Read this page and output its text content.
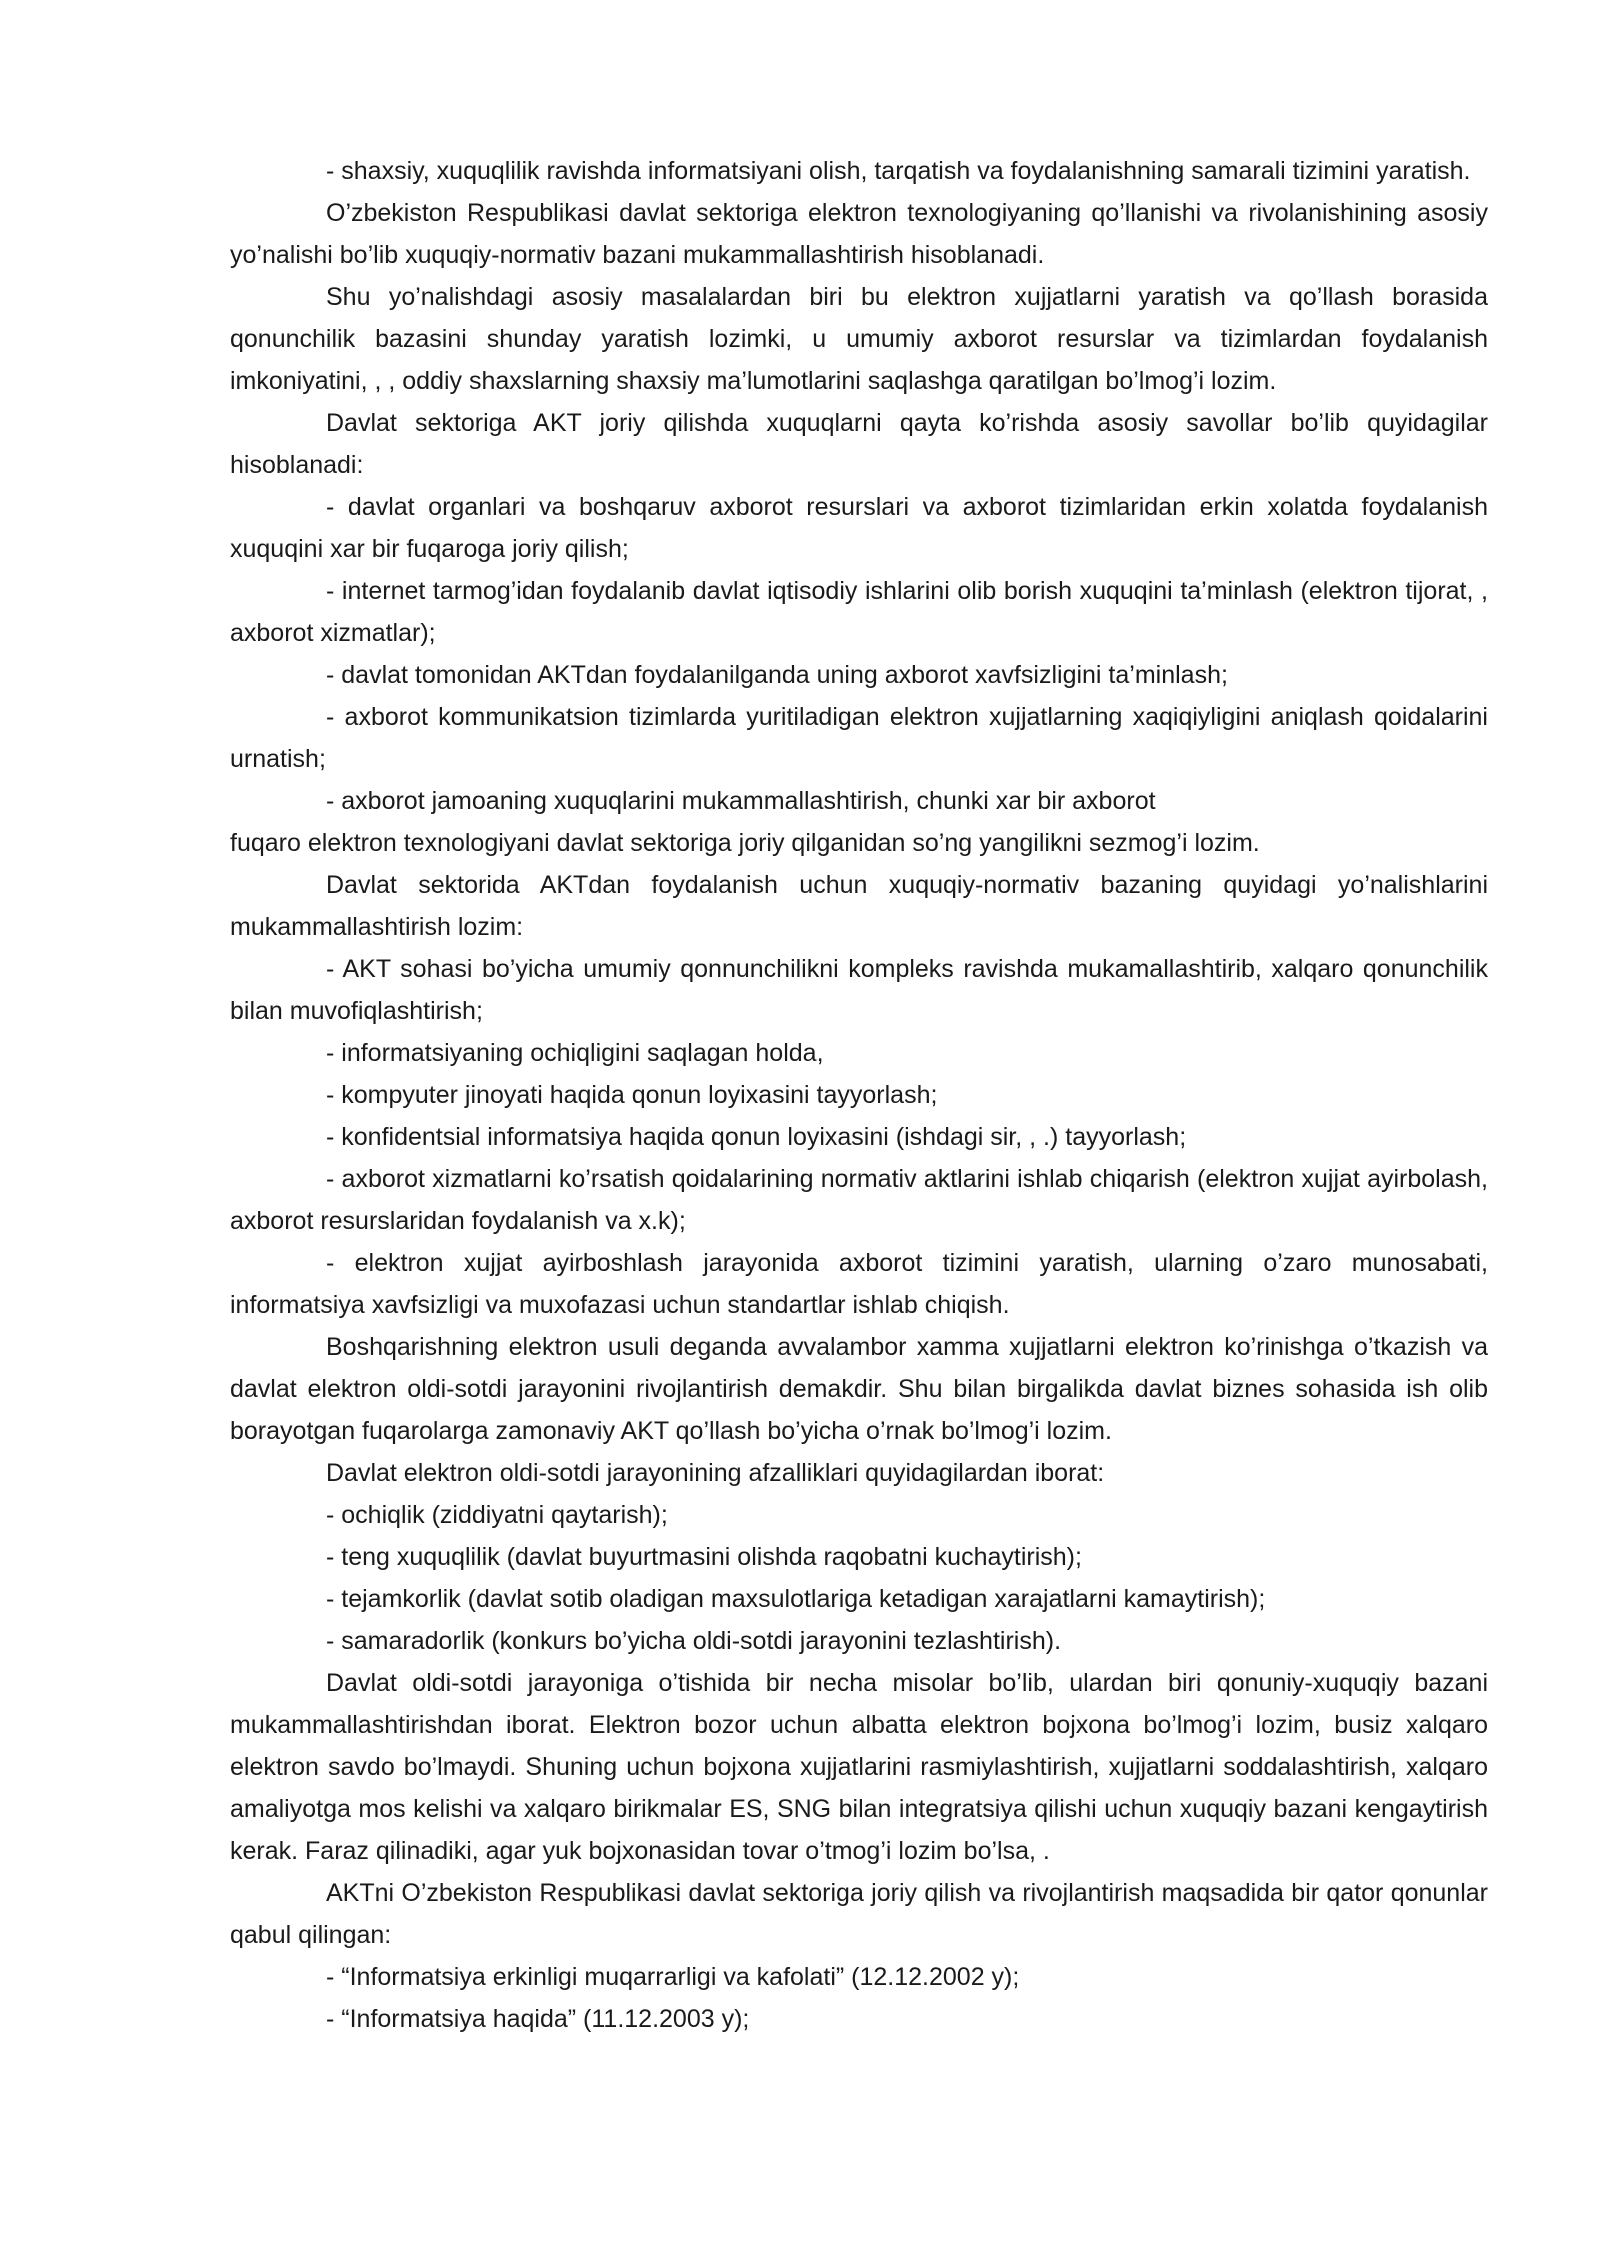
- shaxsiy, xuquqlilik ravishda informatsiyani olish, tarqatish va foydalanishning samarali tizimini yaratish.

O’zbekiston Respublikasi davlat sektoriga elektron texnologiyaning qo’llanishi va rivolanishining asosiy yo’nalishi bo’lib xuquqiy-normativ bazani mukammallashtirish hisoblanadi.

Shu yo’nalishdagi asosiy masalalardan biri bu elektron xujjatlarni yaratish va qo’llash borasida qonunchilik bazasini shunday yaratish lozimki, u umumiy axborot resurslar va tizimlardan foydalanish imkoniyatini, , , oddiy shaxslarning shaxsiy ma’lumotlarini saqlashga qaratilgan bo’lmog’i lozim.

Davlat sektoriga AKT joriy qilishda xuquqlarni qayta ko’rishda asosiy savollar bo’lib quyidagilar hisoblanadi:

- davlat organlari va boshqaruv axborot resurslari va axborot tizimlaridan erkin xolatda foydalanish xuquqini xar bir fuqaroga joriy qilish;

- internet tarmog’idan foydalanib davlat iqtisodiy ishlarini olib borish xuquqini ta’minlash (elektron tijorat, , axborot xizmatlar);

- davlat tomonidan AKTdan foydalanilganda uning axborot xavfsizligini ta’minlash;

- axborot kommunikatsion tizimlarda yuritiladigan elektron xujjatlarning xaqiqiyligini aniqlash qoidalarini urnatish;

- axborot jamoaning xuquqlarini mukammallashtirish, chunki xar bir axborot

fuqaro elektron texnologiyani davlat sektoriga joriy qilganidan so’ng yangilikni sezmog’i lozim.

Davlat sektorida AKTdan foydalanish uchun xuquqiy-normativ bazaning quyidagi yo’nalishlarini mukammallashtirish lozim:

- AKT sohasi bo’yicha umumiy qonnunchilikni kompleks ravishda mukamallashtirib, xalqaro qonunchilik bilan muvofiqlashtirish;

- informatsiyaning ochiqligini saqlagan holda,

- kompyuter jinoyati haqida qonun loyixasini tayyorlash;

- konfidentsial informatsiya haqida qonun loyixasini (ishdagi sir, , .) tayyorlash;

- axborot xizmatlarni ko’rsatish qoidalarining normativ aktlarini ishlab chiqarish (elektron xujjat ayirbolash, axborot resurslaridan foydalanish va x.k);

- elektron xujjat ayirboshlash jarayonida axborot tizimini yaratish, ularning o’zaro munosabati, informatsiya xavfsizligi va muxofazasi uchun standartlar ishlab chiqish.

Boshqarishning elektron usuli deganda avvalambor xamma xujjatlarni elektron ko’rinishga o’tkazish va davlat elektron oldi-sotdi jarayonini rivojlantirish demakdir. Shu bilan birgalikda davlat biznes sohasida ish olib borayotgan fuqarolarga zamonaviy AKT qo’llash bo’yicha o’rnak bo’lmog’i lozim.

Davlat elektron oldi-sotdi jarayonining afzalliklari quyidagilardan iborat:

- ochiqlik (ziddiyatni qaytarish);

- teng xuquqlilik (davlat buyurtmasini olishda raqobatni kuchaytirish);

- tejamkorlik (davlat sotib oladigan maxsulotlariga ketadigan xarajatlarni kamaytirish);

- samaradorlik (konkurs bo’yicha oldi-sotdi jarayonini tezlashtirish).

Davlat oldi-sotdi jarayoniga o’tishida bir necha misolar bo’lib, ulardan biri qonuniy-xuquqiy bazani mukammallashtirishdan iborat. Elektron bozor uchun albatta elektron bojxona bo’lmog’i lozim, busiz xalqaro elektron savdo bo’lmaydi. Shuning uchun bojxona xujjatlarini rasmiylashtirish, xujjatlarni soddalashtirish, xalqaro amaliyotga mos kelishi va xalqaro birikmalar ES, SNG bilan integratsiya qilishi uchun xuquqiy bazani kengaytirish kerak. Faraz qilinadiki, agar yuk bojxonasidan tovar o’tmog’i lozim bo’lsa, .

AKTni O’zbekiston Respublikasi davlat sektoriga joriy qilish va rivojlantirish maqsadida bir qator qonunlar qabul qilingan:

- “Informatsiya erkinligi muqarrarligi va kafolati” (12.12.2002 y);

- “Informatsiya haqida” (11.12.2003 y);
